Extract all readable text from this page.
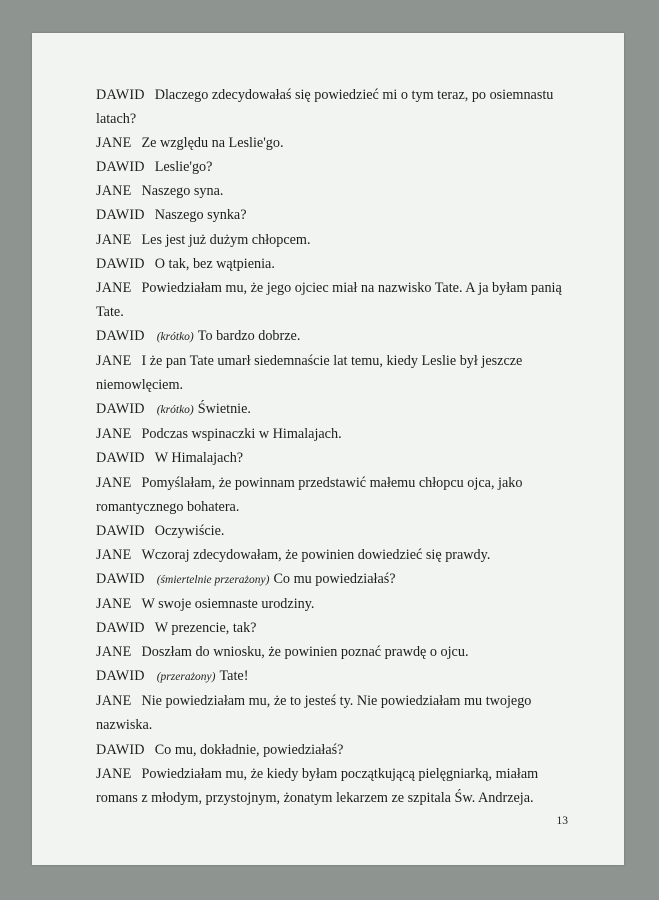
DAWID Dlaczego zdecydowałaś się powiedzieć mi o tym teraz, po osiemnastu

latach?

JANE Ze względu na Leslie'go.

DAWID Leslie'go?

JANE Naszego syna.

DAWID Naszego synka?

JANE Les jest już dużym chłopcem.

DAWID O tak, bez wątpienia.

JANE Powiedziałam mu, że jego ojciec miał na nazwisko Tate. A ja byłam panią

Tate.

DAWID (krótko) To bardzo dobrze.

JANE I że pan Tate umarł siedemnaście lat temu, kiedy Leslie był jeszcze

niemowlęciem.

DAWID (krótko) Świetnie.

JANE Podczas wspinaczki w Himalajach.

DAWID W Himalajach?

JANE Pomyślałam, że powinnam przedstawić małemu chłopcu ojca, jako

romantycznego bohatera.

DAWID Oczywiście.

JANE Wczoraj zdecydowałam, że powinien dowiedzieć się prawdy.

DAWID (śmiertelnie przerażony) Co mu powiedziałaś?

JANE W swoje osiemnaste urodziny.

DAWID W prezencie, tak?

JANE Doszłam do wniosku, że powinien poznać prawdę o ojcu.

DAWID (przerażony) Tate!

JANE Nie powiedziałam mu, że to jesteś ty. Nie powiedziałam mu twojego

nazwiska.

DAWID Co mu, dokładnie, powiedziałaś?

JANE Powiedziałam mu, że kiedy byłam początkującą pielęgniarką, miałam

romans z młodym, przystojnym, żonatym lekarzem ze szpitala Św. Andrzeja.

13
